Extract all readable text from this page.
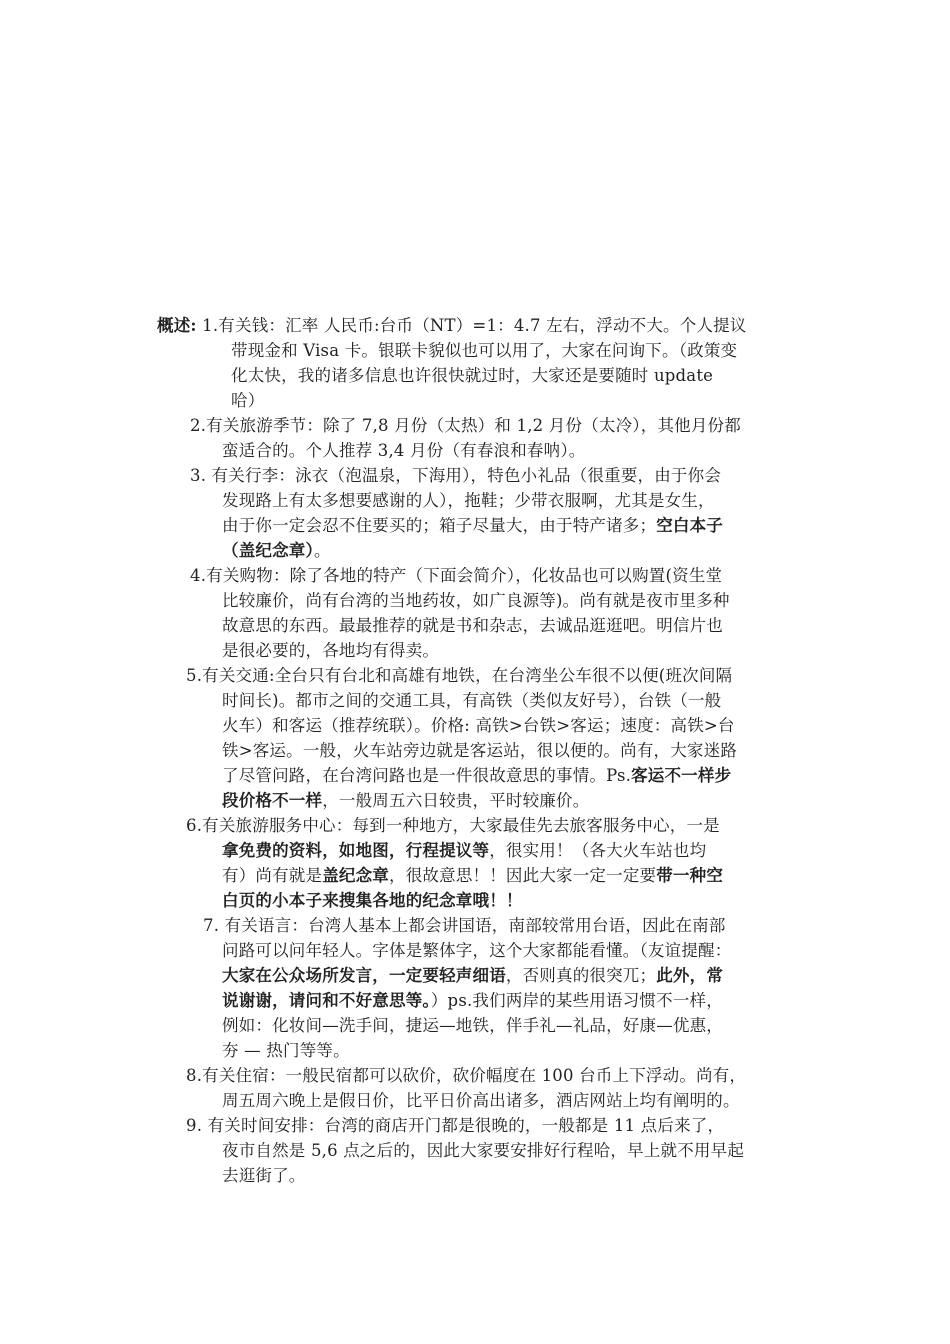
概述: 1.有关钱：汇率 人民币:台币（NT）=1：4.7 左右，浮动不大。个人提议
带现金和 Visa 卡。银联卡貌似也可以用了，大家在问询下。（政策变
化太快，我的诸多信息也许很快就过时，大家还是要随时 update
哈）
2.有关旅游季节：除了 7,8 月份（太热）和 1,2 月份（太冷），其他月份都
蛮适合的。个人推荐 3,4 月份（有春浪和春呐）。
3. 有关行李：泳衣（泡温泉，下海用），特色小礼品（很重要，由于你会
发现路上有太多想要感谢的人），拖鞋；少带衣服啊，尤其是女生，
由于你一定会忍不住要买的；箱子尽量大，由于特产诸多；空白本子
（盖纪念章）。
4.有关购物：除了各地的特产（下面会简介），化妆品也可以购置(资生堂
比较廉价，尚有台湾的当地药妆，如广良源等)。尚有就是夜市里多种
故意思的东西。最最推荐的就是书和杂志，去诚品逛逛吧。明信片也
是很必要的，各地均有得卖。
5.有关交通:全台只有台北和高雄有地铁，在台湾坐公车很不以便(班次间隔
时间长)。都市之间的交通工具，有高铁（类似友好号），台铁（一般
火车）和客运（推荐统联）。价格: 高铁>台铁>客运；速度：高铁>台
铁>客运。一般，火车站旁边就是客运站，很以便的。尚有，大家迷路
了尽管问路，在台湾问路也是一件很故意思的事情。Ps.客运不一样步
段价格不一样，一般周五六日较贵，平时较廉价。
6.有关旅游服务中心：每到一种地方，大家最佳先去旅客服务中心，一是
拿免费的资料，如地图，行程提议等，很实用！（各大火车站也均
有）尚有就是盖纪念章，很故意思！！因此大家一定一定要带一种空
白页的小本子来搜集各地的纪念章哦！！
7. 有关语言：台湾人基本上都会讲国语，南部较常用台语，因此在南部
问路可以问年轻人。字体是繁体字，这个大家都能看懂。（友谊提醒：
大家在公众场所发言，一定要轻声细语，否则真的很突兀；此外，常
说谢谢，请问和不好意思等。）ps.我们两岸的某些用语习惯不一样，
例如：化妆间—洗手间，捷运—地铁，伴手礼—礼品，好康—优惠，
夯 — 热门等等。
8.有关住宿：一般民宿都可以砍价，砍价幅度在 100 台币上下浮动。尚有，
周五周六晚上是假日价，比平日价高出诸多，酒店网站上均有阐明的。
9. 有关时间安排：台湾的商店开门都是很晚的，一般都是 11 点后来了，
夜市自然是 5,6 点之后的，因此大家要安排好行程哈，早上就不用早起
去逛街了。
